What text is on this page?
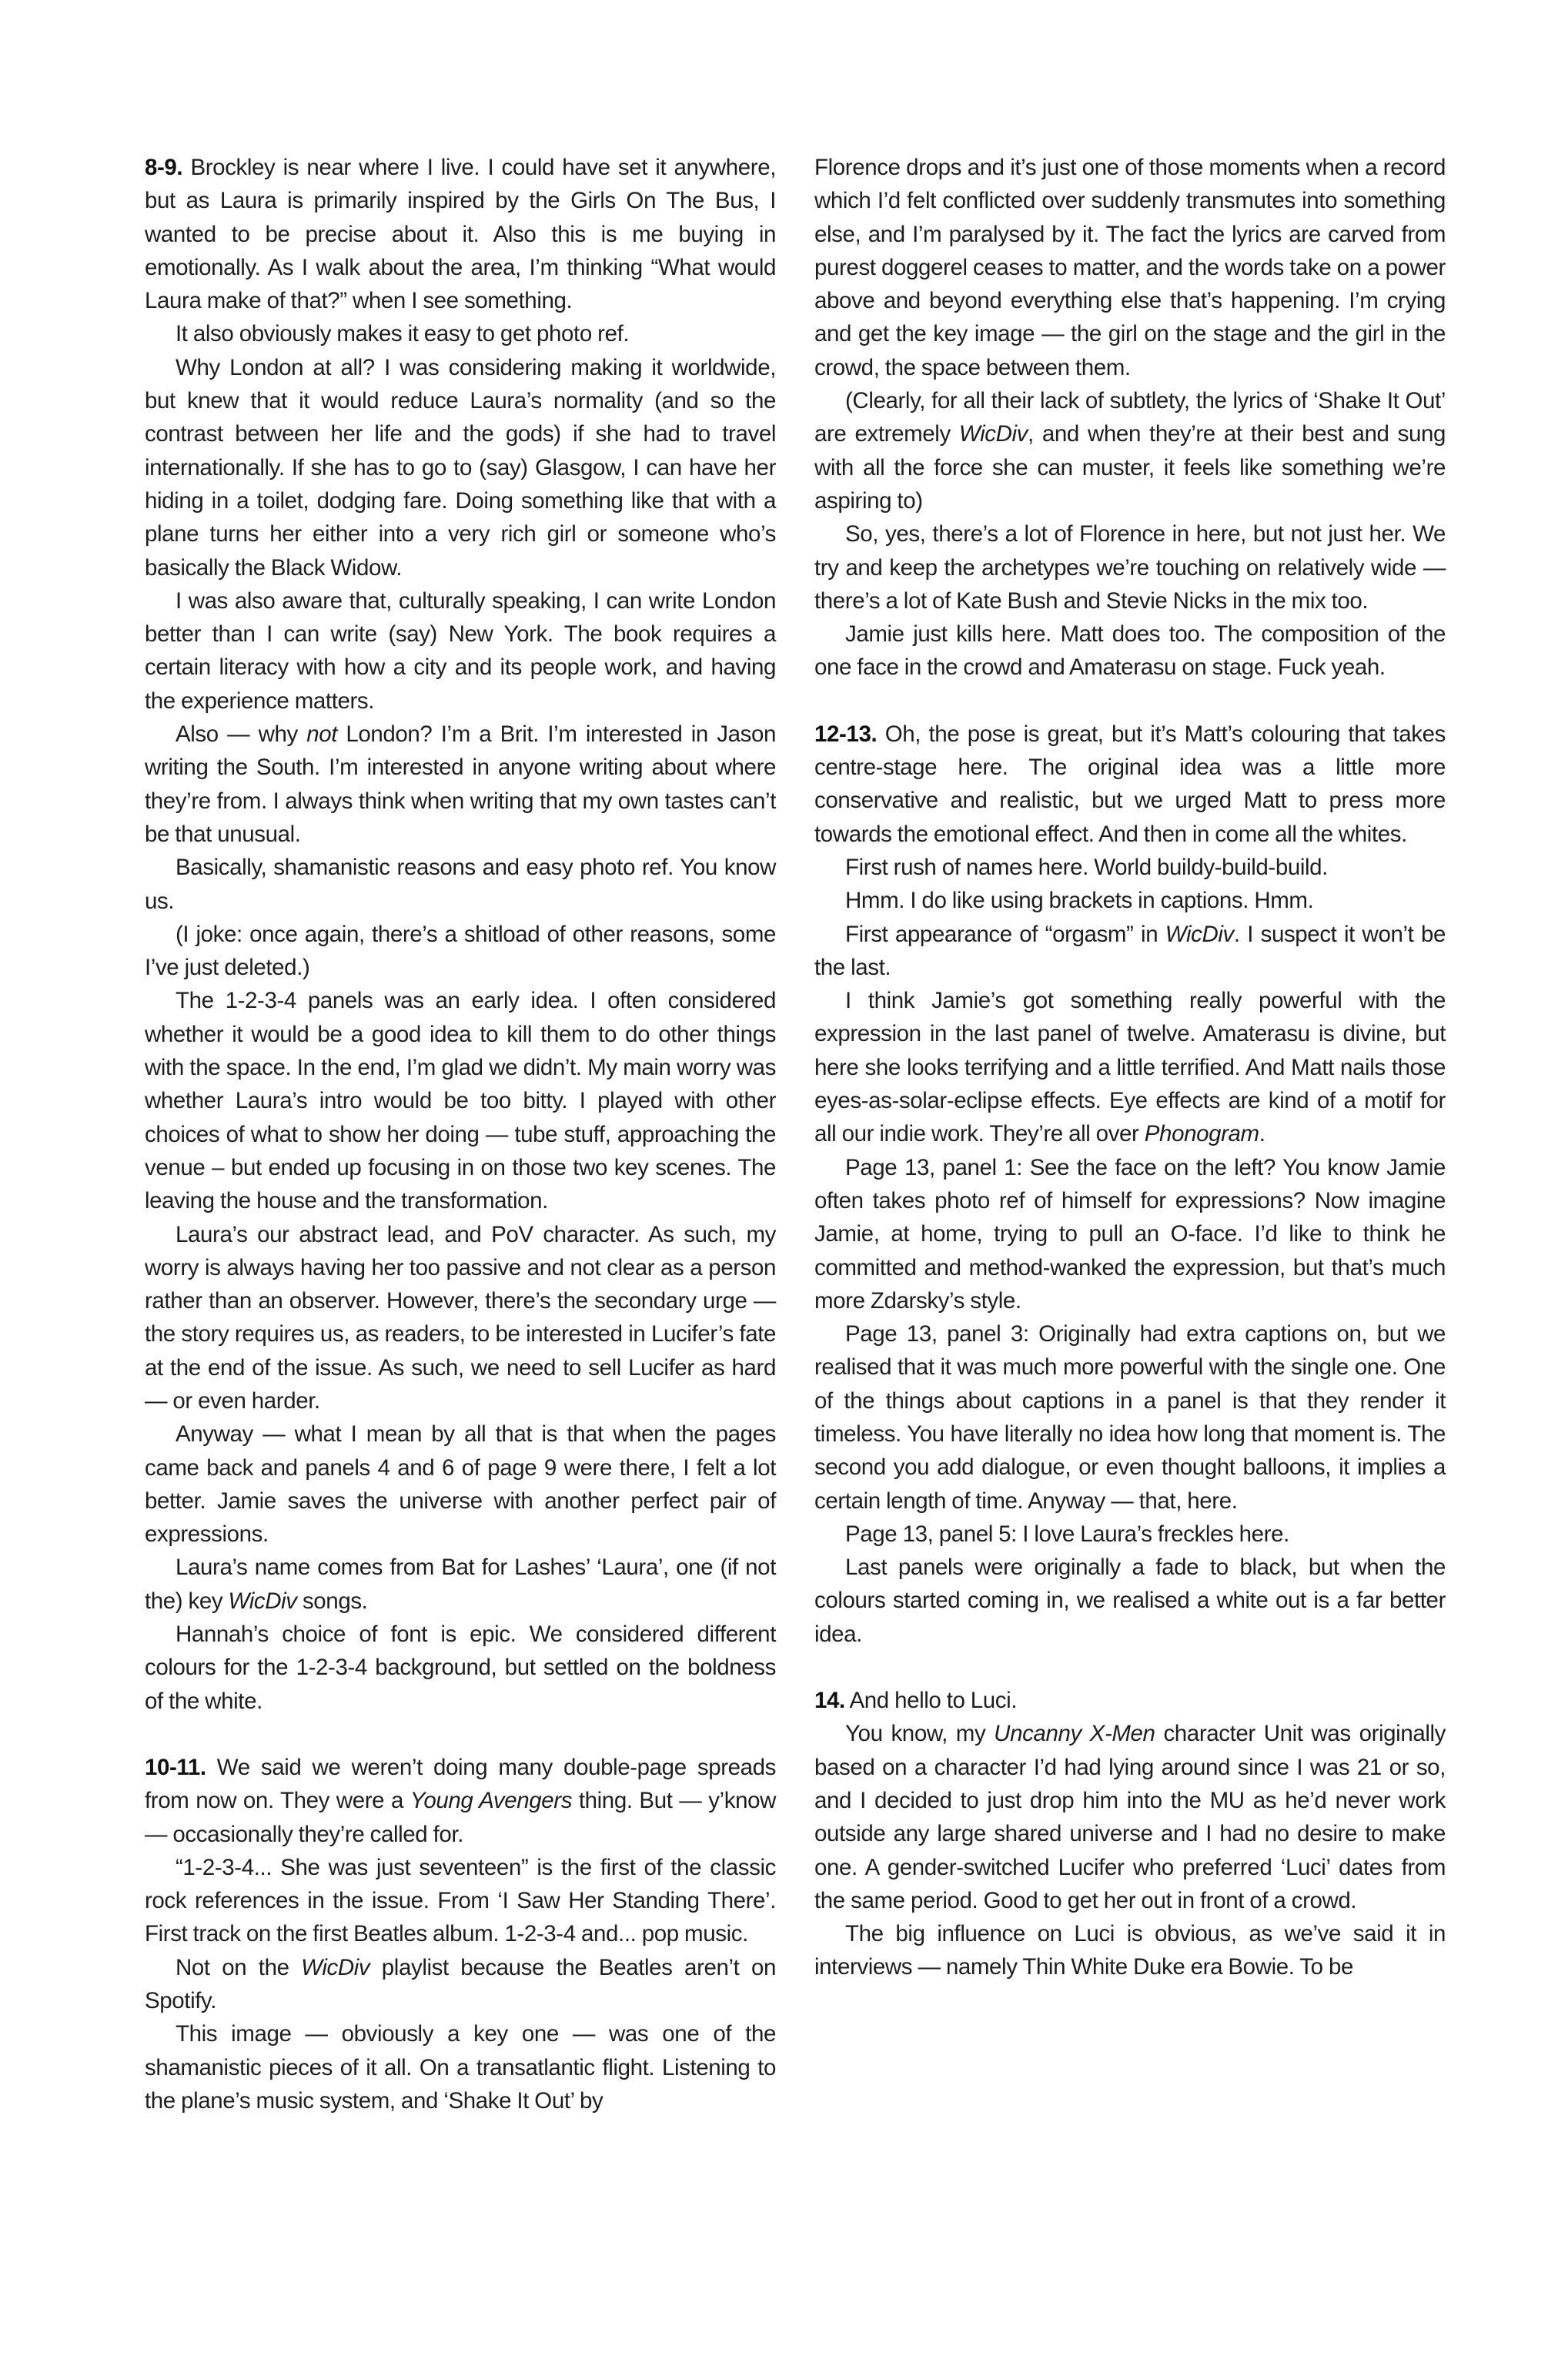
8-9. Brockley is near where I live. I could have set it anywhere, but as Laura is primarily inspired by the Girls On The Bus, I wanted to be precise about it. Also this is me buying in emotionally. As I walk about the area, I’m thinking “What would Laura make of that?” when I see something.

It also obviously makes it easy to get photo ref.

Why London at all? I was considering making it worldwide, but knew that it would reduce Laura’s normality (and so the contrast between her life and the gods) if she had to travel internationally. If she has to go to (say) Glasgow, I can have her hiding in a toilet, dodging fare. Doing something like that with a plane turns her either into a very rich girl or someone who’s basically the Black Widow.

I was also aware that, culturally speaking, I can write London better than I can write (say) New York. The book requires a certain literacy with how a city and its people work, and having the experience matters.

Also — why not London? I’m a Brit. I’m interested in Jason writing the South. I’m interested in anyone writing about where they’re from. I always think when writing that my own tastes can’t be that unusual.

Basically, shamanistic reasons and easy photo ref. You know us.

(I joke: once again, there’s a shitload of other reasons, some I’ve just deleted.)

The 1-2-3-4 panels was an early idea. I often considered whether it would be a good idea to kill them to do other things with the space. In the end, I’m glad we didn’t. My main worry was whether Laura’s intro would be too bitty. I played with other choices of what to show her doing — tube stuff, approaching the venue – but ended up focusing in on those two key scenes. The leaving the house and the transformation.

Laura’s our abstract lead, and PoV character. As such, my worry is always having her too passive and not clear as a person rather than an observer. However, there’s the secondary urge — the story requires us, as readers, to be interested in Lucifer’s fate at the end of the issue. As such, we need to sell Lucifer as hard — or even harder.

Anyway — what I mean by all that is that when the pages came back and panels 4 and 6 of page 9 were there, I felt a lot better. Jamie saves the universe with another perfect pair of expressions.

Laura’s name comes from Bat for Lashes’ ‘Laura’, one (if not the) key WicDiv songs.

Hannah’s choice of font is epic. We considered different colours for the 1-2-3-4 background, but settled on the boldness of the white.

10-11. We said we weren’t doing many double-page spreads from now on. They were a Young Avengers thing. But — y’know — occasionally they’re called for.

“1-2-3-4... She was just seventeen” is the first of the classic rock references in the issue. From ‘I Saw Her Standing There’. First track on the first Beatles album. 1-2-3-4 and... pop music.

Not on the WicDiv playlist because the Beatles aren’t on Spotify.

This image — obviously a key one — was one of the shamanistic pieces of it all. On a transatlantic flight. Listening to the plane’s music system, and ‘Shake It Out’ by

Florence drops and it’s just one of those moments when a record which I’d felt conflicted over suddenly transmutes into something else, and I’m paralysed by it. The fact the lyrics are carved from purest doggerel ceases to matter, and the words take on a power above and beyond everything else that’s happening. I’m crying and get the key image — the girl on the stage and the girl in the crowd, the space between them.

(Clearly, for all their lack of subtlety, the lyrics of ‘Shake It Out’ are extremely WicDiv, and when they’re at their best and sung with all the force she can muster, it feels like something we’re aspiring to)

So, yes, there’s a lot of Florence in here, but not just her. We try and keep the archetypes we’re touching on relatively wide — there’s a lot of Kate Bush and Stevie Nicks in the mix too.

Jamie just kills here. Matt does too. The composition of the one face in the crowd and Amaterasu on stage. Fuck yeah.

12-13. Oh, the pose is great, but it’s Matt’s colouring that takes centre-stage here. The original idea was a little more conservative and realistic, but we urged Matt to press more towards the emotional effect. And then in come all the whites.

First rush of names here. World buildy-build-build.

Hmm. I do like using brackets in captions. Hmm.

First appearance of “orgasm” in WicDiv. I suspect it won’t be the last.

I think Jamie’s got something really powerful with the expression in the last panel of twelve. Amaterasu is divine, but here she looks terrifying and a little terrified. And Matt nails those eyes-as-solar-eclipse effects. Eye effects are kind of a motif for all our indie work. They’re all over Phonogram.

Page 13, panel 1: See the face on the left? You know Jamie often takes photo ref of himself for expressions? Now imagine Jamie, at home, trying to pull an O-face. I’d like to think he committed and method-wanked the expression, but that’s much more Zdarsky’s style.

Page 13, panel 3: Originally had extra captions on, but we realised that it was much more powerful with the single one. One of the things about captions in a panel is that they render it timeless. You have literally no idea how long that moment is. The second you add dialogue, or even thought balloons, it implies a certain length of time. Anyway — that, here.

Page 13, panel 5: I love Laura’s freckles here.

Last panels were originally a fade to black, but when the colours started coming in, we realised a white out is a far better idea.

14. And hello to Luci.

You know, my Uncanny X-Men character Unit was originally based on a character I’d had lying around since I was 21 or so, and I decided to just drop him into the MU as he’d never work outside any large shared universe and I had no desire to make one. A gender-switched Lucifer who preferred ‘Luci’ dates from the same period. Good to get her out in front of a crowd.

The big influence on Luci is obvious, as we’ve said it in interviews — namely Thin White Duke era Bowie. To be
